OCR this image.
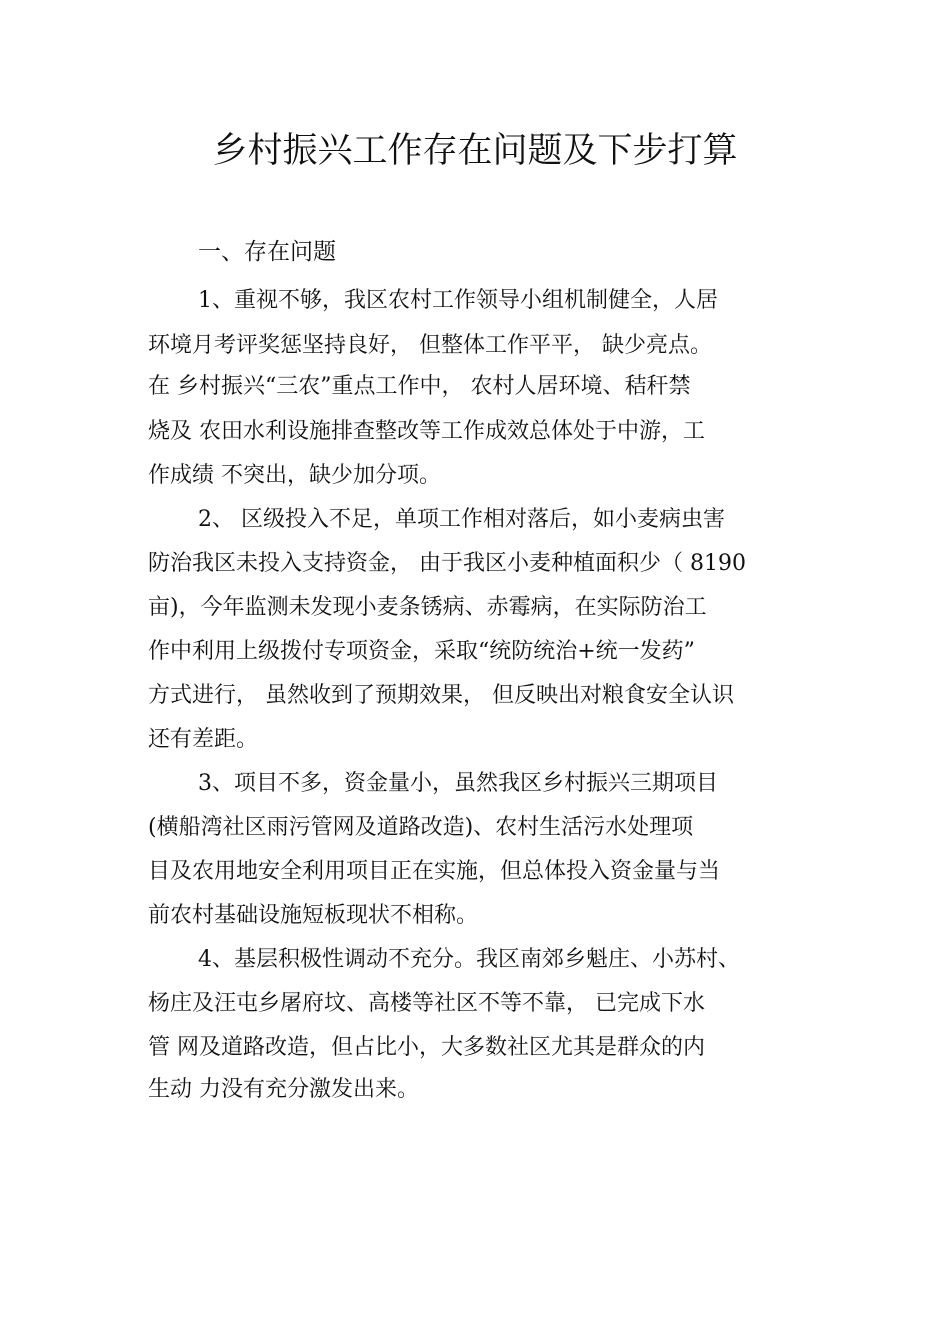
乡村振兴工作存在问题及下步打算
一、存在问题
1、重视不够，我区农村工作领导小组机制健全，人居
环境月考评奖惩坚持良好， 但整体工作平平， 缺少亮点。
在 乡村振兴“三农”重点工作中， 农村人居环境、秸秆禁
烧及 农田水利设施排查整改等工作成效总体处于中游，工
作成绩 不突出，缺少加分项。
2、 区级投入不足，单项工作相对落后，如小麦病虫害
防治我区未投入支持资金， 由于我区小麦种植面积少（ 8190
亩)，今年监测未发现小麦条锈病、赤霉病，在实际防治工
作中利用上级拨付专项资金，采取“统防统治+统一发药”
方式进行， 虽然收到了预期效果， 但反映出对粮食安全认识
还有差距。
3、项目不多，资金量小，虽然我区乡村振兴三期项目
(横船湾社区雨污管网及道路改造)、农村生活污水处理项
目及农用地安全利用项目正在实施，但总体投入资金量与当
前农村基础设施短板现状不相称。
4、基层积极性调动不充分。我区南郊乡魁庄、小苏村、
杨庄及汪屯乡屠府坟、高楼等社区不等不靠， 已完成下水
管 网及道路改造，但占比小，大多数社区尤其是群众的内
生动 力没有充分激发出来。
